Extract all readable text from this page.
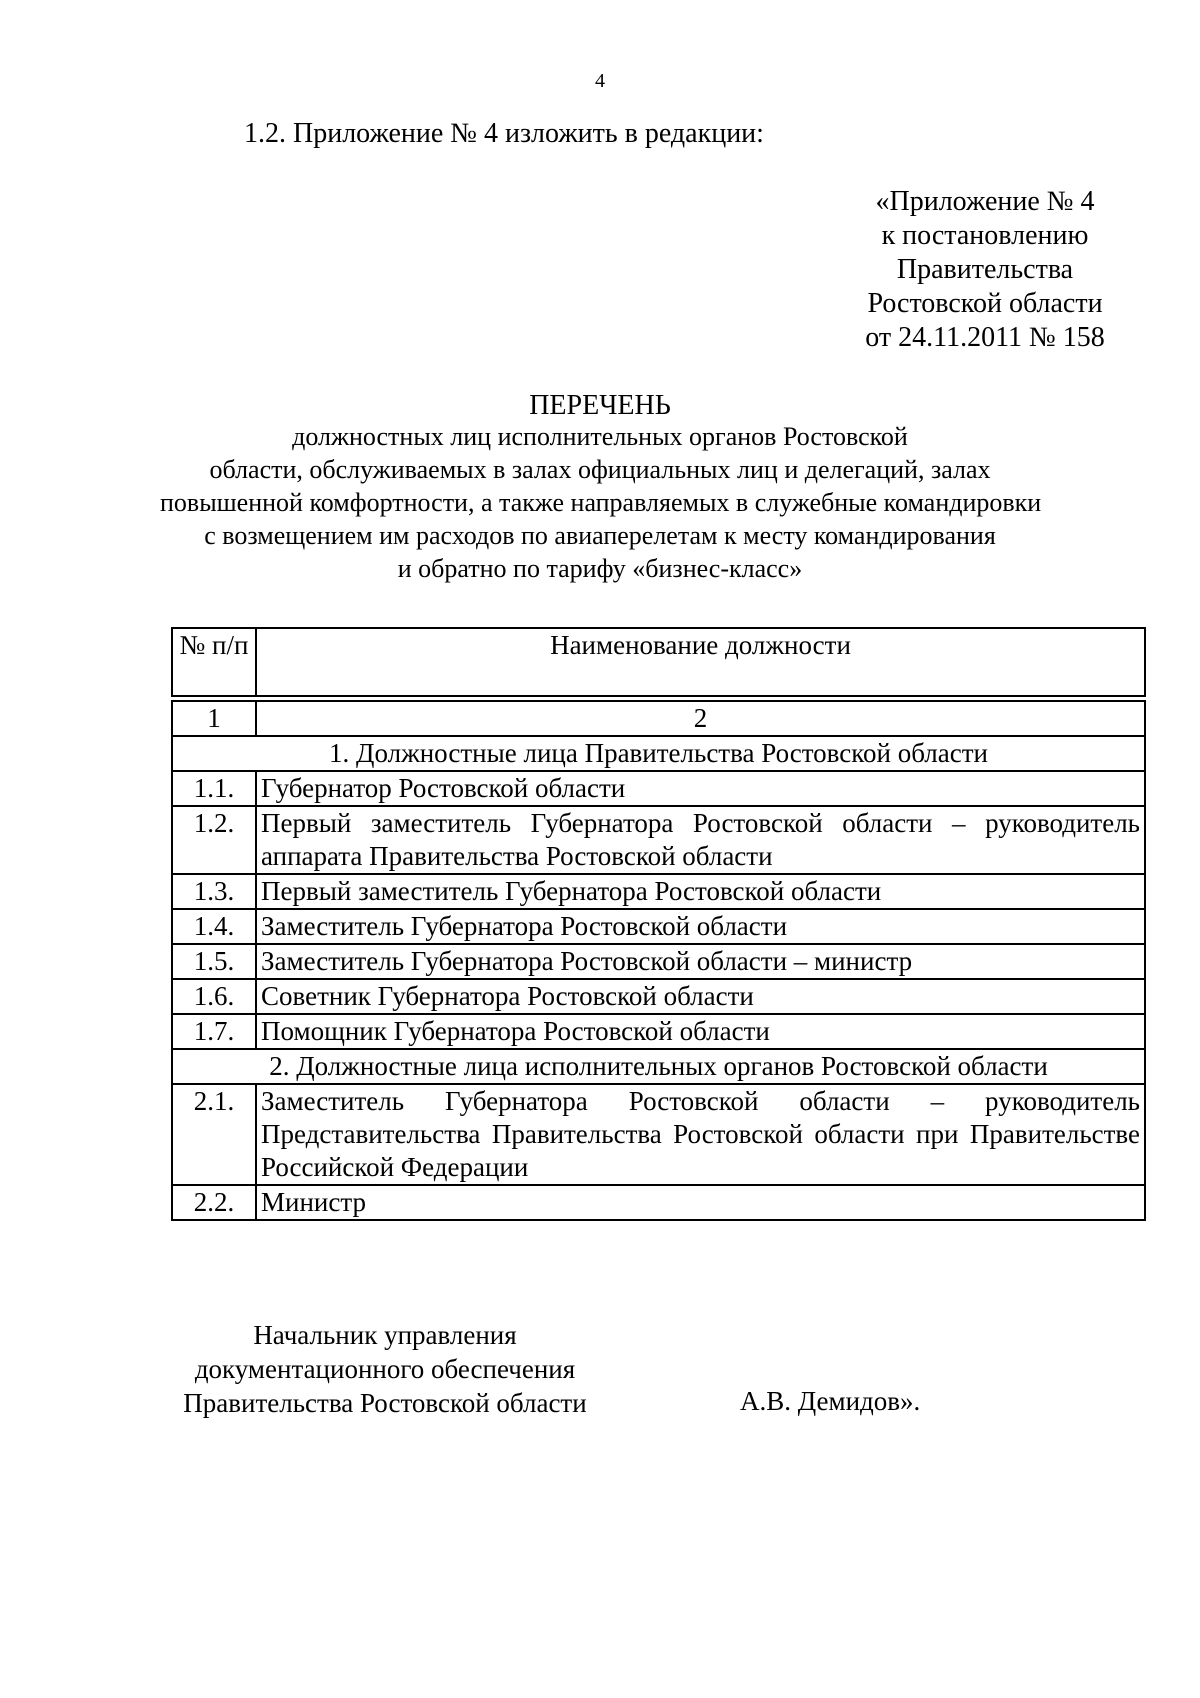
4
1.2. Приложение № 4 изложить в редакции:
«Приложение № 4
к постановлению
Правительства
Ростовской области
от 24.11.2011 № 158
ПЕРЕЧЕНЬ
должностных лиц исполнительных органов Ростовской
области, обслуживаемых в залах официальных лиц и делегаций, залах
повышенной комфортности, а также направляемых в служебные командировки
с возмещением им расходов по авиаперелетам к месту командирования
и обратно по тарифу «бизнес-класс»
№ п/п	Наименование должности

1	2
1. Должностные лица Правительства Ростовской области	
1.1.	Губернатор Ростовской области
1.2.	Первый заместитель Губернатора Ростовской области – руководитель аппарата Правительства Ростовской области
1.3.	Первый заместитель Губернатора Ростовской области
1.4.	Заместитель Губернатора Ростовской области
1.5.	Заместитель Губернатора Ростовской области – министр
1.6.	Советник Губернатора Ростовской области
1.7.	Помощник Губернатора Ростовской области
2. Должностные лица исполнительных органов Ростовской области	
2.1.	Заместитель Губернатора Ростовской области – руководитель Представительства Правительства Ростовской области при Правительстве Российской Федерации
2.2.	Министр
Начальник управления
документационного обеспечения
Правительства Ростовской области	А.В. Демидов».
